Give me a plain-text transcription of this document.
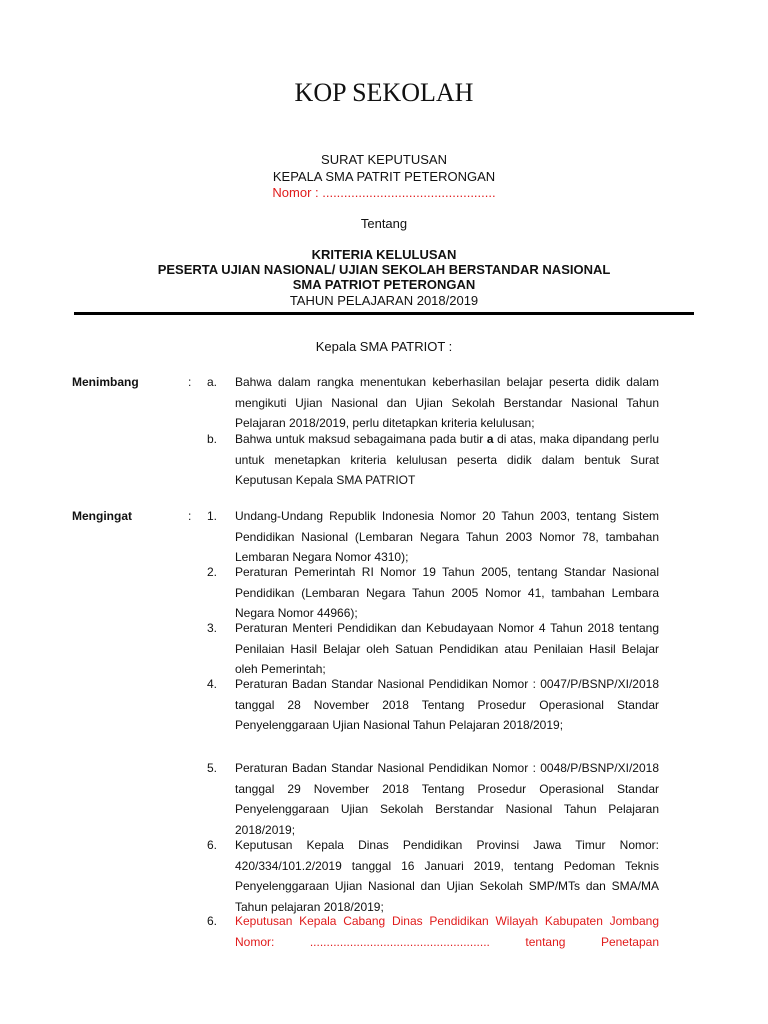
KOP SEKOLAH
SURAT KEPUTUSAN
KEPALA SMA PATRIT PETERONGAN
Nomor : ................................................
Tentang
KRITERIA KELULUSAN
PESERTA UJIAN NASIONAL/ UJIAN SEKOLAH BERSTANDAR NASIONAL
SMA PATRIOT PETERONGAN
TAHUN PELAJARAN 2018/2019
Kepala SMA PATRIOT :
Menimbang	: a. Bahwa dalam rangka menentukan keberhasilan belajar peserta didik dalam mengikuti Ujian Nasional dan Ujian Sekolah Berstandar Nasional Tahun Pelajaran 2018/2019, perlu ditetapkan kriteria kelulusan;
b. Bahwa untuk maksud sebagaimana pada butir a di atas, maka dipandang perlu untuk menetapkan kriteria kelulusan peserta didik dalam bentuk Surat Keputusan Kepala SMA PATRIOT
Mengingat	: 1. Undang-Undang Republik Indonesia Nomor 20 Tahun 2003, tentang Sistem Pendidikan Nasional (Lembaran Negara Tahun 2003 Nomor 78, tambahan Lembaran Negara Nomor 4310);
2. Peraturan Pemerintah RI Nomor 19 Tahun 2005, tentang Standar Nasional Pendidikan (Lembaran Negara Tahun 2005 Nomor 41, tambahan Lembara Negara Nomor 44966);
3. Peraturan Menteri Pendidikan dan Kebudayaan Nomor 4 Tahun 2018 tentang Penilaian Hasil Belajar oleh Satuan Pendidikan atau Penilaian Hasil Belajar oleh Pemerintah;
4. Peraturan Badan Standar Nasional Pendidikan Nomor : 0047/P/BSNP/XI/2018 tanggal 28 November 2018 Tentang Prosedur Operasional Standar Penyelenggaraan Ujian Nasional Tahun Pelajaran 2018/2019;
5. Peraturan Badan Standar Nasional Pendidikan Nomor : 0048/P/BSNP/XI/2018 tanggal 29 November 2018 Tentang Prosedur Operasional Standar Penyelenggaraan Ujian Sekolah Berstandar Nasional Tahun Pelajaran 2018/2019;
6. Keputusan Kepala Dinas Pendidikan Provinsi Jawa Timur Nomor: 420/334/101.2/2019 tanggal 16 Januari 2019, tentang Pedoman Teknis Penyelenggaraan Ujian Nasional dan Ujian Sekolah SMP/MTs dan SMA/MA Tahun pelajaran 2018/2019;
6. Keputusan Kepala Cabang Dinas Pendidikan Wilayah Kabupaten Jombang Nomor: ...................................................... tentang Penetapan
